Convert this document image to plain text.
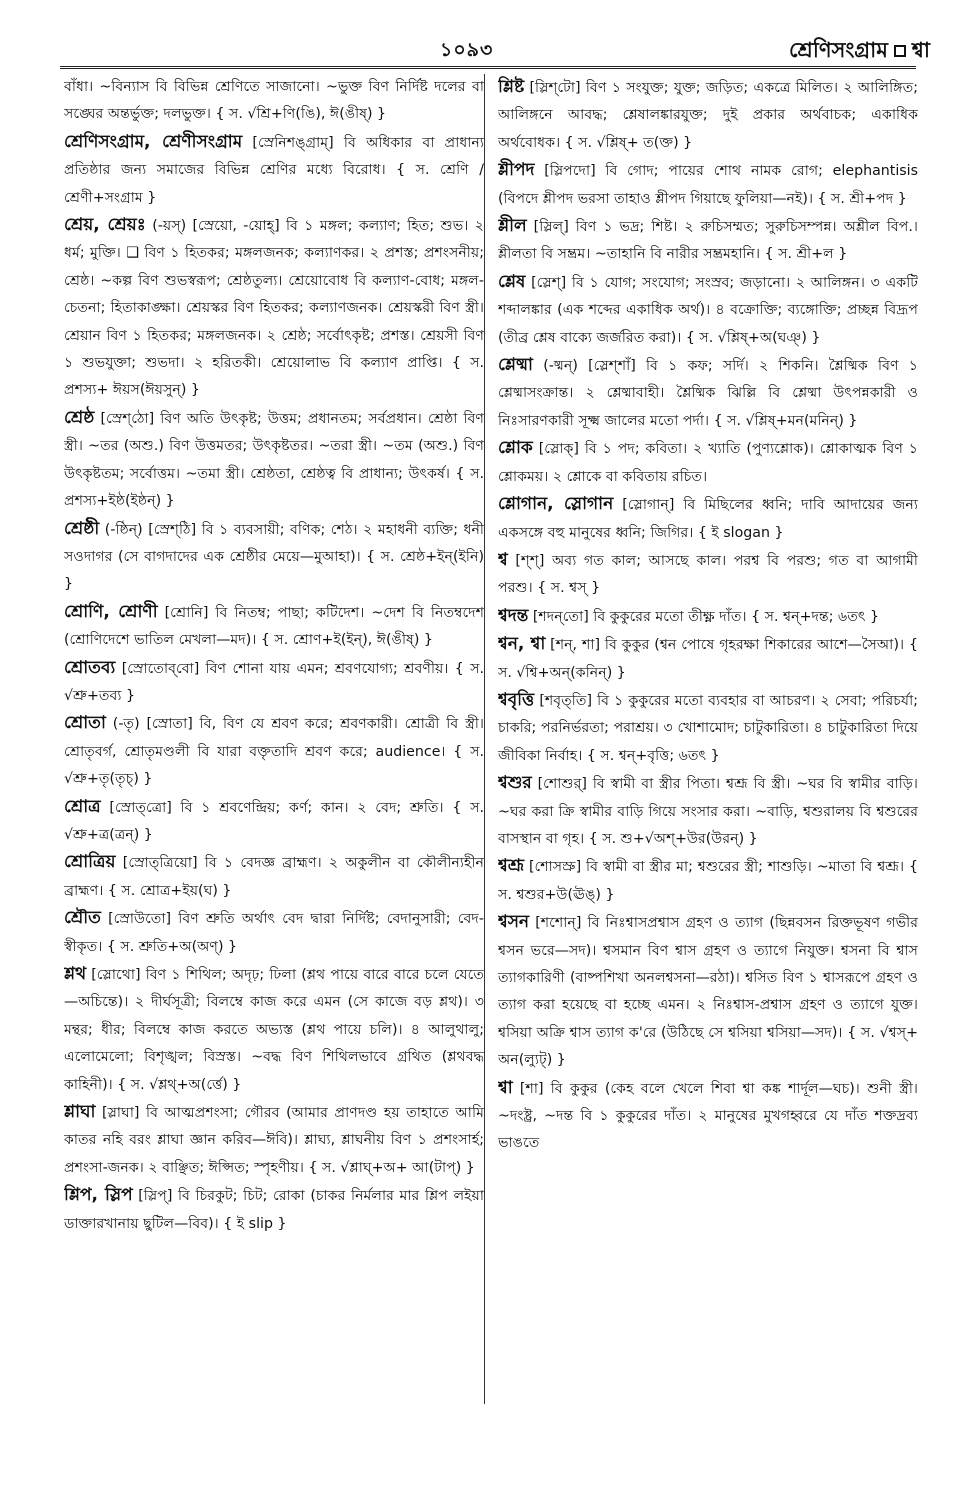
১০৯৩	শ্রেণিসংগ্রাম শ্বা

বাঁধা। ~বিন্যাস বি বিভিন্ন শ্রেণিতে সাজানো। ~ভুক্ত বিণ নির্দিষ্ট দলের বা সঙ্ঘের অন্তর্ভুক্ত; দলভুক্ত। { স. √শ্রি+ণি(ঙি), ঈ(ঙীষ্) }

শ্রেণিসংগ্রাম, শ্রেণীসংগ্রাম [স্রেনিশঙ্গ্রাম্] বি অধিকার বা প্রাধান্য প্রতিষ্ঠার জন্য সমাজের বিভিন্ন শ্রেণির মধ্যে বিরোধ। { স. শ্রেণি / শ্রেণী+সংগ্রাম }

শ্রেয়, শ্রেয়ঃ (-য়স্) [স্রেয়ো, -য়োহ্] বি ১ মঙ্গল; কল্যাণ; হিত; শুভ। ২ ধর্ম; মুক্তি। ❑ বিণ ১ হিতকর; মঙ্গলজনক; কল্যাণকর। ২ প্রশস্ত; প্রশংসনীয়; শ্রেষ্ঠ। ~কল্প বিণ শুভস্বরূপ; শ্রেষ্ঠতুল্য। শ্রেয়োবোধ বি কল্যাণ-বোধ; মঙ্গল-চেতনা; হিতাকাঙ্ক্ষা। শ্রেয়স্কর বিণ হিতকর; কল্যাণজনক। শ্রেয়স্করী বিণ স্ত্রী। শ্রেয়ান বিণ ১ হিতকর; মঙ্গলজনক। ২ শ্রেষ্ঠ; সর্বোৎকৃষ্ট; প্রশস্ত। শ্রেয়সী বিণ ১ শুভযুক্তা; শুভদা। ২ হরিতকী। শ্রেয়োলাভ বি কল্যাণ প্রাপ্তি। { স. প্রশস্য+ ঈয়স(ঈয়সুন্) }

শ্রেষ্ঠ [স্রেশ্‌ঠো] বিণ অতি উৎকৃষ্ট; উত্তম; প্রধানতম; সর্বপ্রধান। শ্রেষ্ঠা বিণ স্ত্রী। ~তর (অশু.) বিণ উত্তমতর; উৎকৃষ্টতর। ~তরা স্ত্রী। ~তম (অশু.) বিণ উৎকৃষ্টতম; সর্বোত্তম। ~তমা স্ত্রী। শ্রেষ্ঠতা, শ্রেষ্ঠত্ব বি প্রাধান্য; উৎকর্ষ। { স. প্রশস্য+ইষ্ঠ(ইষ্ঠন্) }

শ্রেষ্ঠী (-ষ্ঠিন্) [স্রেশ্‌ঠি] বি ১ ব্যবসায়ী; বণিক; শেঠ। ২ মহাধনী ব্যক্তি; ধনী সওদাগর (সে বাগদাদের এক শ্রেষ্ঠীর মেয়ে—মুআহা)। { স. শ্রেষ্ঠ+ইন্(ইনি) }

শ্রোণি, শ্রোণী [শ্রোনি] বি নিতম্ব; পাছা; কটিদেশ। ~দেশ বি নিতম্বদেশ (শ্রোণিদেশে ভাতিল মেখলা—মদ)। { স. শ্রোণ+ই(ইন্), ঈ(ঙীষ্) }

শ্রোতব্য [স্রোতোব্‌বো] বিণ শোনা যায় এমন; শ্রবণযোগ্য; শ্রবণীয়। { স. √শ্রু+তব্য }

শ্রোতা (-তৃ) [স্রোতা] বি, বিণ যে শ্রবণ করে; শ্রবণকারী। শ্রোত্রী বি স্ত্রী। শ্রোতৃবর্গ, শ্রোতৃমণ্ডলী বি যারা বক্তৃতাদি শ্রবণ করে; audience। { স. √শ্রু+তৃ(তৃচ্) }

শ্রোত্র [স্রোত্‌ত্রো] বি ১ শ্রবণেন্দ্রিয়; কর্ণ; কান। ২ বেদ; শ্রুতি। { স. √শ্রু+ত্র(ত্রন্) }

শ্রোত্রিয় [স্রোত্‌ত্রিয়ো] বি ১ বেদজ্ঞ ব্রাহ্মণ। ২ অকুলীন বা কৌলীন্যহীন ব্রাহ্মণ। { স. শ্রোত্র+ইয়(ঘ) }

শ্রৌত [স্রোউতো] বিণ শ্রুতি অর্থাৎ বেদ দ্বারা নির্দিষ্ট; বেদানুসারী; বেদ-স্বীকৃত। { স. শ্রুতি+অ(অণ্) }

শ্লথ [স্লোথো] বিণ ১ শিথিল; অদৃঢ়; ঢিলা (শ্লথ পায়ে বারে বারে চলে যেতে—অচিন্তে)। ২ দীর্ঘসূত্রী; বিলম্বে কাজ করে এমন (সে কাজে বড় শ্লথ)। ৩ মন্থর; ধীর; বিলম্বে কাজ করতে অভ্যস্ত (শ্লথ পায়ে চলি)। ৪ আলুথালু; এলোমেলো; বিশৃঙ্খল; বিস্রস্ত। ~বদ্ধ বিণ শিথিলভাবে গ্রথিত (শ্লথবদ্ধ কাহিনী)। { স. √শ্লথ্+অ(র্ত্তে) }

শ্লাঘা [স্লাঘা] বি আত্মপ্রশংসা; গৌরব (আমার প্রাণদণ্ড হয় তাহাতে আমি কাতর নহি বরং শ্লাঘা জ্ঞান করিব—ঈবি)। শ্লাঘ্য, শ্লাঘনীয় বিণ ১ প্রশংসার্হ; প্রশংসা-জনক। ২ বাঞ্ছিত; ঈপ্সিত; স্পৃহণীয়। { স. √শ্লাঘ্+অ+ আ(টাপ্) }

শ্লিপ, স্লিপ [স্লিপ্] বি চিরকুট; চিট; রোকা (চাকর নির্মলার মার শ্লিপ লইয়া ডাক্তারখানায় ছুটিল—বিব)। { ই slip }

শ্লিষ্ট [স্লিশ্‌টো] বিণ ১ সংযুক্ত; যুক্ত; জড়িত; একত্রে মিলিত। ২ আলিঙ্গিত; আলিঙ্গনে আবদ্ধ; শ্লেষালঙ্কারযুক্ত; দুই প্রকার অর্থবাচক; একাধিক অর্থবোধক। { স. √শ্লিষ্+ ত(ক্ত) }

শ্লীপদ [স্লিপদো] বি গোদ; পায়ের শোথ নামক রোগ; elephantisis (বিপদে শ্লীপদ ভরসা তাহাও শ্লীপদ গিয়াছে ফুলিয়া—নই)। { স. শ্রী+পদ }

শ্লীল [স্লিল্] বিণ ১ ভদ্র; শিষ্ট। ২ রুচিসম্মত; সুরুচিসম্পন্ন। অশ্লীল বিপ.। শ্লীলতা বি সম্ভ্রম। ~তাহানি বি নারীর সম্ভ্রমহানি। { স. শ্রী+ল }

শ্লেষ [স্লেশ্] বি ১ যোগ; সংযোগ; সংস্রব; জড়ানো। ২ আলিঙ্গন। ৩ একটি শব্দালঙ্কার (এক শব্দের একাধিক অর্থ)। ৪ বক্রোক্তি; ব্যঙ্গোক্তি; প্রচ্ছন্ন বিদ্রূপ (তীব্র শ্লেষ বাক্যে জর্জরিত করা)। { স. √শ্লিষ্+অ(ঘঞ্) }

শ্লেষ্মা (-ষ্মন্) [স্লেশ্‌শাঁ] বি ১ কফ; সর্দি। ২ শিকনি। শ্লৈষ্মিক বিণ ১ শ্লেষ্মাসংক্রান্ত। ২ শ্লেষ্মাবাহী। শ্লৈষ্মিক ঝিল্লি বি শ্লেষ্মা উৎপন্নকারী ও নিঃসারণকারী সূক্ষ্ম জালের মতো পর্দা। { স. √শ্লিষ্+মন(মনিন্) }

শ্লোক [স্লোক্] বি ১ পদ; কবিতা। ২ খ্যাতি (পুণ্যশ্লোক)। শ্লোকাত্মক বিণ ১ শ্লোকময়। ২ শ্লোকে বা কবিতায় রচিত।

শ্লোগান, স্লোগান [স্লোগান্] বি মিছিলের ধ্বনি; দাবি আদায়ের জন্য একসঙ্গে বহু মানুষের ধ্বনি; জিগির। { ই slogan }

শ্ব [শ্‌শ্] অব্য গত কাল; আসছে কাল। পরশ্ব বি পরশু; গত বা আগামী পরশু। { স. শ্বস্ }

শ্বদন্ত [শদন্‌তো] বি কুকুরের মতো তীক্ষ্ণ দাঁত। { স. শ্বন্+দন্ত; ৬তৎ }

শ্বন, শ্বা [শন্, শা] বি কুকুর (শ্বন পোষে গৃহরক্ষা শিকারের আশে—সৈআ)। { স. √শ্বি+অন্(কনিন্) }

শ্ববৃত্তি [শবৃত্‌তি] বি ১ কুকুরের মতো ব্যবহার বা আচরণ। ২ সেবা; পরিচর্যা; চাকরি; পরনির্ভরতা; পরাশ্রয়। ৩ খোশামোদ; চাটুকারিতা। ৪ চাটুকারিতা দিয়ে জীবিকা নির্বাহ। { স. শ্বন্+বৃত্তি; ৬তৎ }

শ্বশুর [শোশুর্] বি স্বামী বা স্ত্রীর পিতা। শ্বশ্রূ বি স্ত্রী। ~ঘর বি স্বামীর বাড়ি। ~ঘর করা ক্রি স্বামীর বাড়ি গিয়ে সংসার করা। ~বাড়ি, শ্বশুরালয় বি শ্বশুরের বাসস্থান বা গৃহ। { স. শু+√অশ্+উর(উরন্) }

শ্বশ্রূ [শোসস্রু] বি স্বামী বা স্ত্রীর মা; শ্বশুরের স্ত্রী; শাশুড়ি। ~মাতা বি শ্বশ্রূ। { স. শ্বশুর+উ(ঊঙ্) }

শ্বসন [শশোন্] বি নিঃশ্বাসপ্রশ্বাস গ্রহণ ও ত্যাগ (ছিন্নবসন রিক্তভূষণ গভীর শ্বসন ভরে—সদ)। শ্বসমান বিণ শ্বাস গ্রহণ ও ত্যাগে নিযুক্ত। শ্বসনা বি শ্বাস ত্যাগকারিণী (বাষ্পশিখা অনলশ্বসনা—রঠা)। শ্বসিত বিণ ১ শ্বাসরূপে গ্রহণ ও ত্যাগ করা হয়েছে বা হচ্ছে এমন। ২ নিঃশ্বাস-প্রশ্বাস গ্রহণ ও ত্যাগে যুক্ত। শ্বসিয়া অক্রি শ্বাস ত্যাগ ক'রে (উঠিছে সে শ্বসিয়া শ্বসিয়া—সদ)। { স. √শ্বস্+ অন(ল্যুট্) }

শ্বা [শা] বি কুকুর (কেহ বলে খেলে শিবা শ্বা কঙ্ক শার্দূল—ঘচ)। শুনী স্ত্রী। ~দংষ্ট্র, ~দন্ত বি ১ কুকুরের দাঁত। ২ মানুষের মুখগহ্বরে যে দাঁত শক্তদ্রব্য ভাঙতে
